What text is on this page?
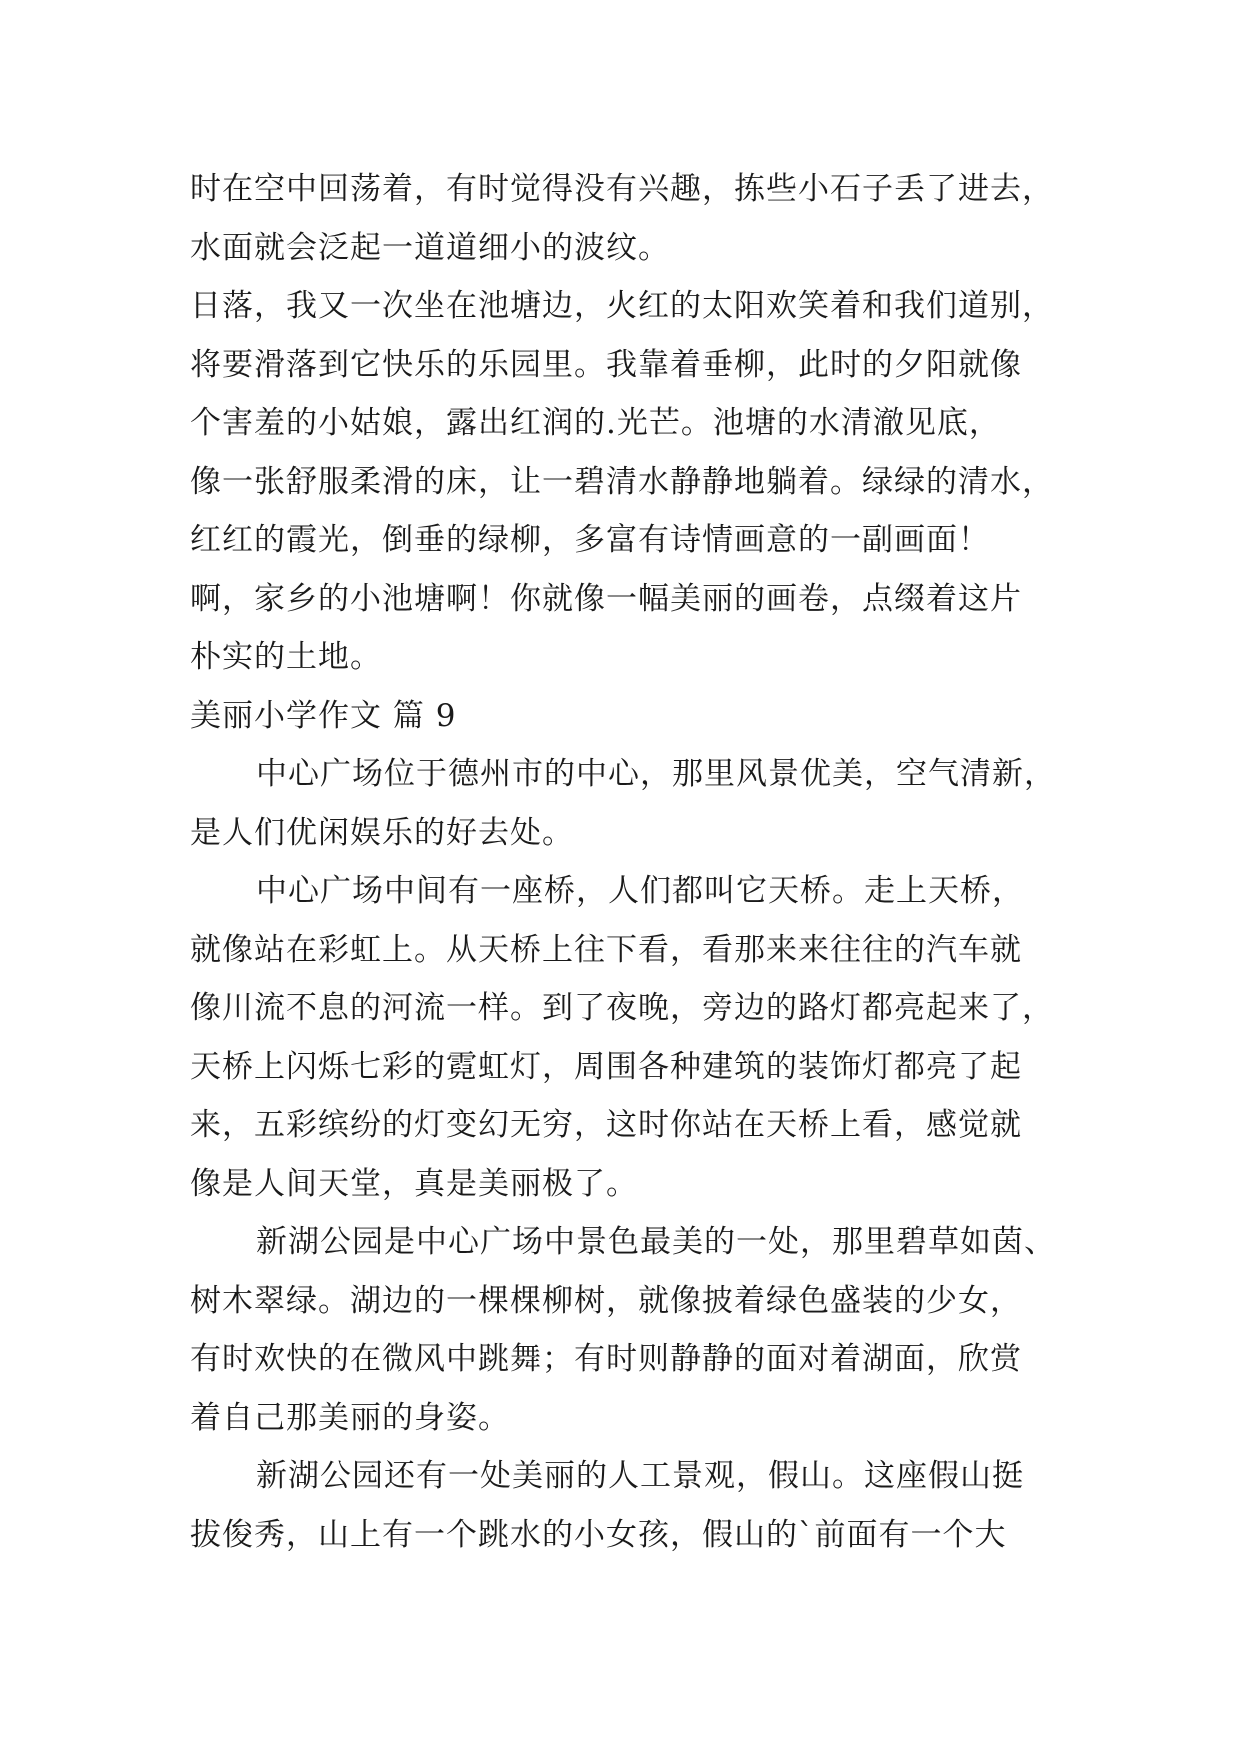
时在空中回荡着，有时觉得没有兴趣，拣些小石子丢了进去，
水面就会泛起一道道细小的波纹。
日落，我又一次坐在池塘边，火红的太阳欢笑着和我们道别，
将要滑落到它快乐的乐园里。我靠着垂柳，此时的夕阳就像
个害羞的小姑娘，露出红润的.光芒。池塘的水清澈见底，
像一张舒服柔滑的床，让一碧清水静静地躺着。绿绿的清水，
红红的霞光，倒垂的绿柳，多富有诗情画意的一副画面！
啊，家乡的小池塘啊！你就像一幅美丽的画卷，点缀着这片
朴实的土地。
美丽小学作文 篇 9
中心广场位于德州市的中心，那里风景优美，空气清新，
是人们优闲娱乐的好去处。
中心广场中间有一座桥，人们都叫它天桥。走上天桥，
就像站在彩虹上。从天桥上往下看，看那来来往往的汽车就
像川流不息的河流一样。到了夜晚，旁边的路灯都亮起来了，
天桥上闪烁七彩的霓虹灯，周围各种建筑的装饰灯都亮了起
来，五彩缤纷的灯变幻无穷，这时你站在天桥上看，感觉就
像是人间天堂，真是美丽极了。
新湖公园是中心广场中景色最美的一处，那里碧草如茵、
树木翠绿。湖边的一棵棵柳树，就像披着绿色盛装的少女，
有时欢快的在微风中跳舞；有时则静静的面对着湖面，欣赏
着自己那美丽的身姿。
新湖公园还有一处美丽的人工景观，假山。这座假山挺
拔俊秀，山上有一个跳水的小女孩，假山的`前面有一个大
